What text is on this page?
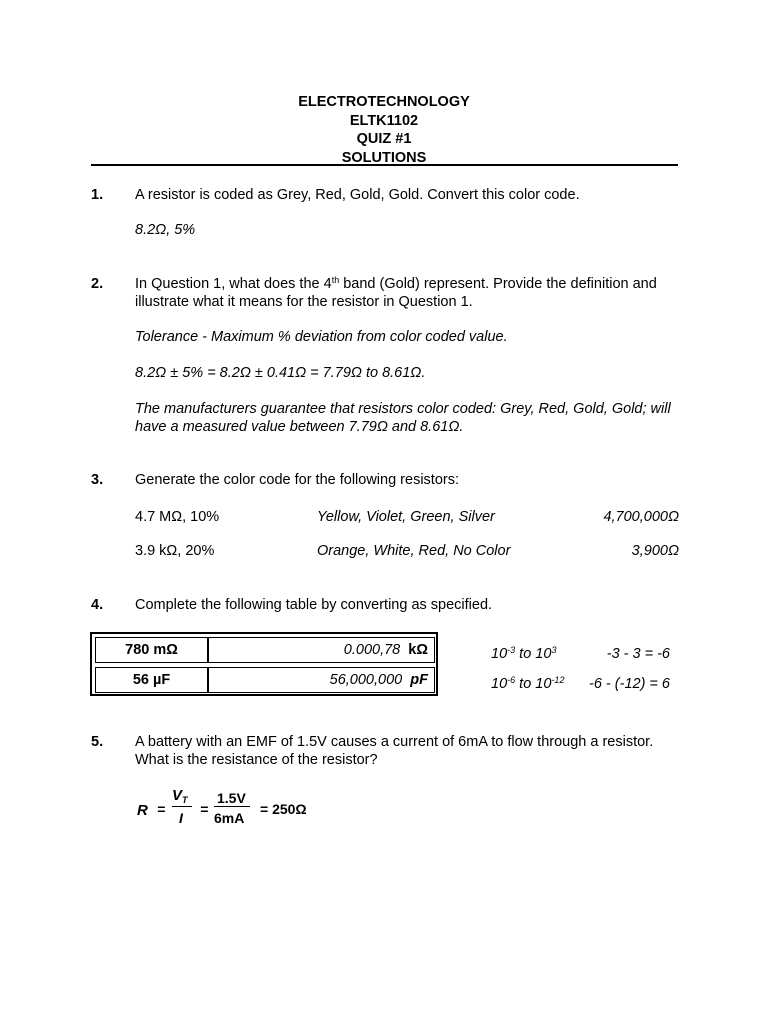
ELECTROTECHNOLOGY
ELTK1102
QUIZ #1
SOLUTIONS
1. A resistor is coded as Grey, Red, Gold, Gold. Convert this color code.
8.2Ω, 5%
2. In Question 1, what does the 4th band (Gold) represent. Provide the definition and illustrate what it means for the resistor in Question 1.
Tolerance - Maximum % deviation from color coded value.
8.2Ω ± 5% = 8.2Ω ± 0.41Ω = 7.79Ω to 8.61Ω.
The manufacturers guarantee that resistors color coded: Grey, Red, Gold, Gold; will have a measured value between 7.79Ω and 8.61Ω.
3. Generate the color code for the following resistors:
4.7 MΩ, 10%	Yellow, Violet, Green, Silver	4,700,000Ω
3.9 kΩ, 20%	Orange, White, Red, No Color	3,900Ω
4. Complete the following table by converting as specified.
780 mΩ	0.000,78 kΩ
56 µF	56,000,000 pF
$10^{-3}$ to $10^3$	-3 - 3 = -6
$10^{-6}$ to $10^{-12}$	-6 - (-12) = 6
5. A battery with an EMF of 1.5V causes a current of 6mA to flow through a resistor. What is the resistance of the resistor?
R =
$V_T$
I
=
1.5V
6mA
= 250Ω
